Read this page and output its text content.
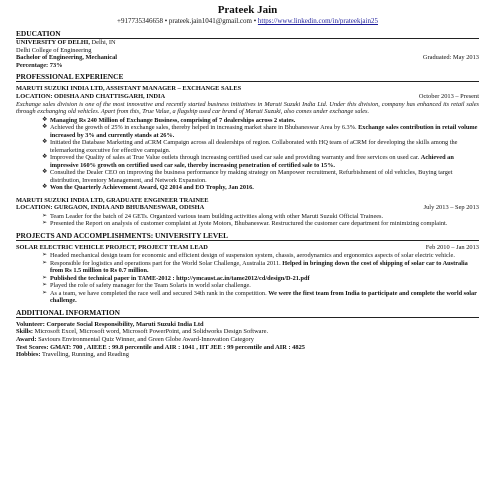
Prateek Jain
+917735346658 • prateek.jain1041@gmail.com • https://www.linkedin.com/in/prateekjain25
EDUCATION
UNIVERSITY OF DELHI, Delhi, IN
Delhi College of Engineering
Bachelor of Engineering, Mechanical	Graduated: May 2013
Percentage: 73%
PROFESSIONAL EXPERIENCE
MARUTI SUZUKI INDIA LTD, ASSISTANT MANAGER – EXCHANGE SALES
LOCATION: ODISHA AND CHATTISGARH, INDIA	October 2013 – Present
Exchange sales division is one of the most innovative and recently started business initiatives in Maruti Suzuki India Ltd. Under this division, company has enhanced its retail sales through exchanging old vehicles. Apart from this, True Value, a flagship used car brand of Maruti Suzuki, also comes under exchange sales.
❖ Managing Rs 240 Million of Exchange Business, comprising of 7 dealerships across 2 states.
❖ Achieved the growth of 25% in exchange sales, thereby helped in increasing market share in Bhubaneswar Area by 6.3%. Exchange sales contribution in retail volume increased by 3% and currently stands at 26%.
❖ Initiated the Database Marketing and aCRM Campaign across all dealerships of region. Collaborated with HQ team of aCRM for developing the skills among the telemarketing executive for effective campaign.
❖ Improved the Quality of sales at True Value outlets through increasing certified used car sale and providing warranty and free services on used car. Achieved an impressive 160% growth on certified used car sale, thereby increasing penetration of certified sale to 15%.
❖ Consulted the Dealer CEO on improving the business performance by making strategy on Manpower recruitment, Refurbishment of old vehicles, Buying target distribution, Inventory Management, and Network Expansion.
❖ Won the Quarterly Achievement Award, Q2 2014 and EO Trophy, Jan 2016.
MARUTI SUZUKI INDIA LTD, GRADUATE ENGINEER TRAINEE
LOCATION: GURGAON, INDIA AND BHUBANESWAR, ODISHA	July 2013 – Sep 2013
➢ Team Leader for the batch of 24 GETs. Organized various team building activities along with other Maruti Suzuki Official Trainees.
➢ Presented the Report on analysis of customer complaint at Jyote Motors, Bhubaneswar. Restructured the customer care department for minimizing complaint.
PROJECTS AND ACCOMPLISHMENTS: UNIVERSITY LEVEL
SOLAR ELECTRIC VEHICLE PROJECT, PROJECT TEAM LEAD	Feb 2010 – Jan 2013
➢ Headed mechanical design team for economic and efficient design of suspension system, chassis, aerodynamics and ergonomics aspects of solar electric vehicle.
➢ Responsible for logistics and operations part for the World Solar Challenge, Australia 2011. Helped in bringing down the cost of shipping of solar car to Australia from Rs 1.5 million to Rs 0.7 million.
➢ Published the technical paper in TAME-2012 : http://ymcaust.ac.in/tame2012/cd/design/D-21.pdf
➢ Played the role of safety manager for the Team Solaris in world solar challenge.
➢ As a team, we have completed the race well and secured 34th rank in the competition. We were the first team from India to participate and complete the world solar challenge.
ADDITIONAL INFORMATION
Volunteer: Corporate Social Responsibility, Maruti Suzuki India Ltd
Skills: Microsoft Excel, Microsoft word, Microsoft PowerPoint, and Solidworks Design Software.
Award: Saviours Environmental Quiz Winner, and Green Globe Award-Innovation Category
Test Scores: GMAT: 700 , AIEEE : 99.8 percentile and AIR : 1041 , IIT JEE : 99 percentile and AIR : 4825
Hobbies: Travelling, Running, and Reading
